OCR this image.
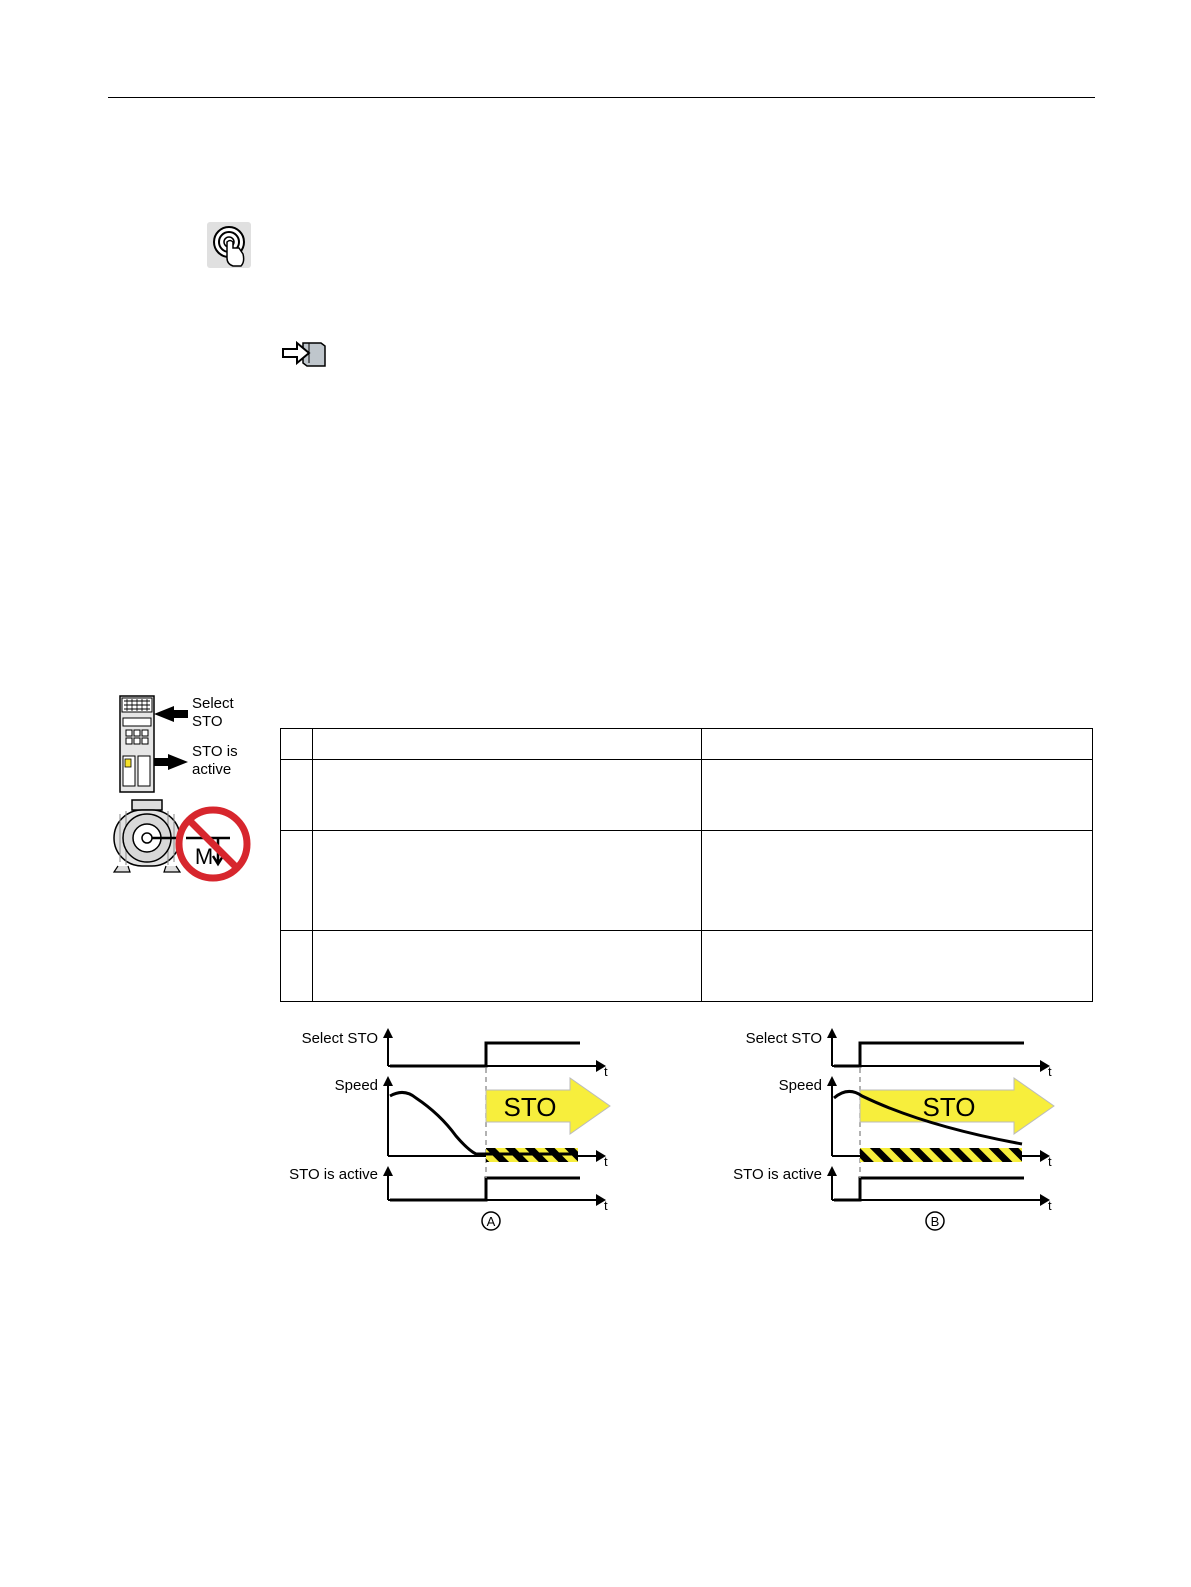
M
Select STO
STO is active

Select STO
Speed
STO is active
t
t
t
STO
A
Select STO
Speed
STO is active
t
t
t
STO
B
